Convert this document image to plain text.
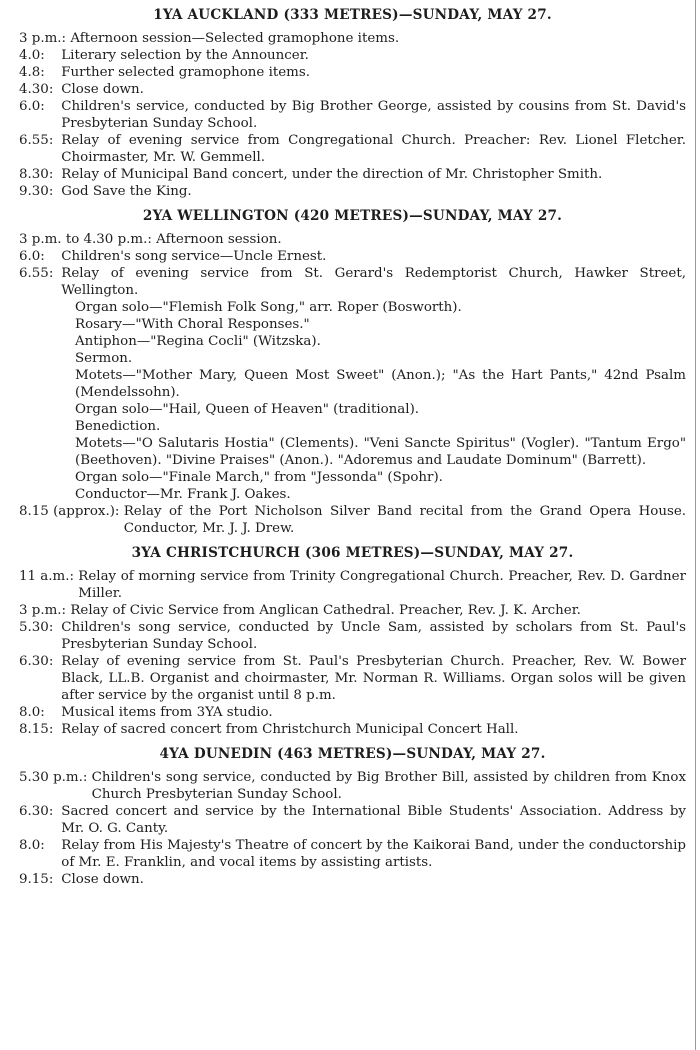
1YA AUCKLAND (333 METRES)—SUNDAY, MAY 27.
3 p.m.:
Afternoon session—Selected gramophone items.
4.0:
	Literary selection by the Announcer.
4.8:
	Further selected gramophone items.
4.30:
Close down.
6.0:
	Children's service, conducted by Big Brother George, assisted by cousins from St. David's Presbyterian Sunday School.
6.55:
Relay of evening service from Congregational Church. Preacher: Rev. Lionel Fletcher. Choirmaster, Mr. W. Gemmell.
8.30:
Relay of Municipal Band concert, under the direction of Mr. Christopher Smith.
9.30:
God Save the King.
2YA WELLINGTON (420 METRES)—SUNDAY, MAY 27.
3 p.m. to 4.30 p.m.:
Afternoon session.
6.0:
	Children's song service—Uncle Ernest.
6.55:
Relay of evening service from St. Gerard's Redemptorist Church, Hawker Street, Wellington.
Organ solo—"Flemish Folk Song," arr. Roper (Bosworth).
Rosary—"With Choral Responses."
Antiphon—"Regina Cocli" (Witzska).
Sermon.
Motets—"Mother Mary, Queen Most Sweet" (Anon.); "As the Hart Pants," 42nd Psalm (Mendelssohn).
Organ solo—"Hail, Queen of Heaven" (traditional).
Benediction.
Motets—"O Salutaris Hostia" (Clements). "Veni Sancte Spiritus" (Vogler). "Tantum Ergo" (Beethoven). "Divine Praises" (Anon.). "Adoremus and Laudate Dominum" (Barrett).
Organ solo—"Finale March," from "Jessonda" (Spohr).
Conductor—Mr. Frank J. Oakes.
8.15 (approx.):
Relay of the Port Nicholson Silver Band recital from the Grand Opera House. Conductor, Mr. J. J. Drew.
3YA CHRISTCHURCH (306 METRES)—SUNDAY, MAY 27.
11 a.m.:
Relay of morning service from Trinity Congregational Church. Preacher, Rev. D. Gardner Miller.
3 p.m.:
Relay of Civic Service from Anglican Cathedral. Preacher, Rev. J. K. Archer.
5.30:
Children's song service, conducted by Uncle Sam, assisted by scholars from St. Paul's Presbyterian Sunday School.
6.30:
Relay of evening service from St. Paul's Presbyterian Church. Preacher, Rev. W. Bower Black, LL.B. Organist and choirmaster, Mr. Norman R. Williams. Organ solos will be given after service by the organist until 8 p.m.
8.0:
	Musical items from 3YA studio.
8.15:
Relay of sacred concert from Christchurch Municipal Concert Hall.
4YA DUNEDIN (463 METRES)—SUNDAY, MAY 27.
5.30 p.m.:
Children's song service, conducted by Big Brother Bill, assisted by children from Knox Church Presbyterian Sunday School.
6.30:
Sacred concert and service by the International Bible Students' Association. Address by Mr. O. G. Canty.
8.0:
	Relay from His Majesty's Theatre of concert by the Kaikorai Band, under the conductorship of Mr. E. Franklin, and vocal items by assisting artists.
9.15:
Close down.
